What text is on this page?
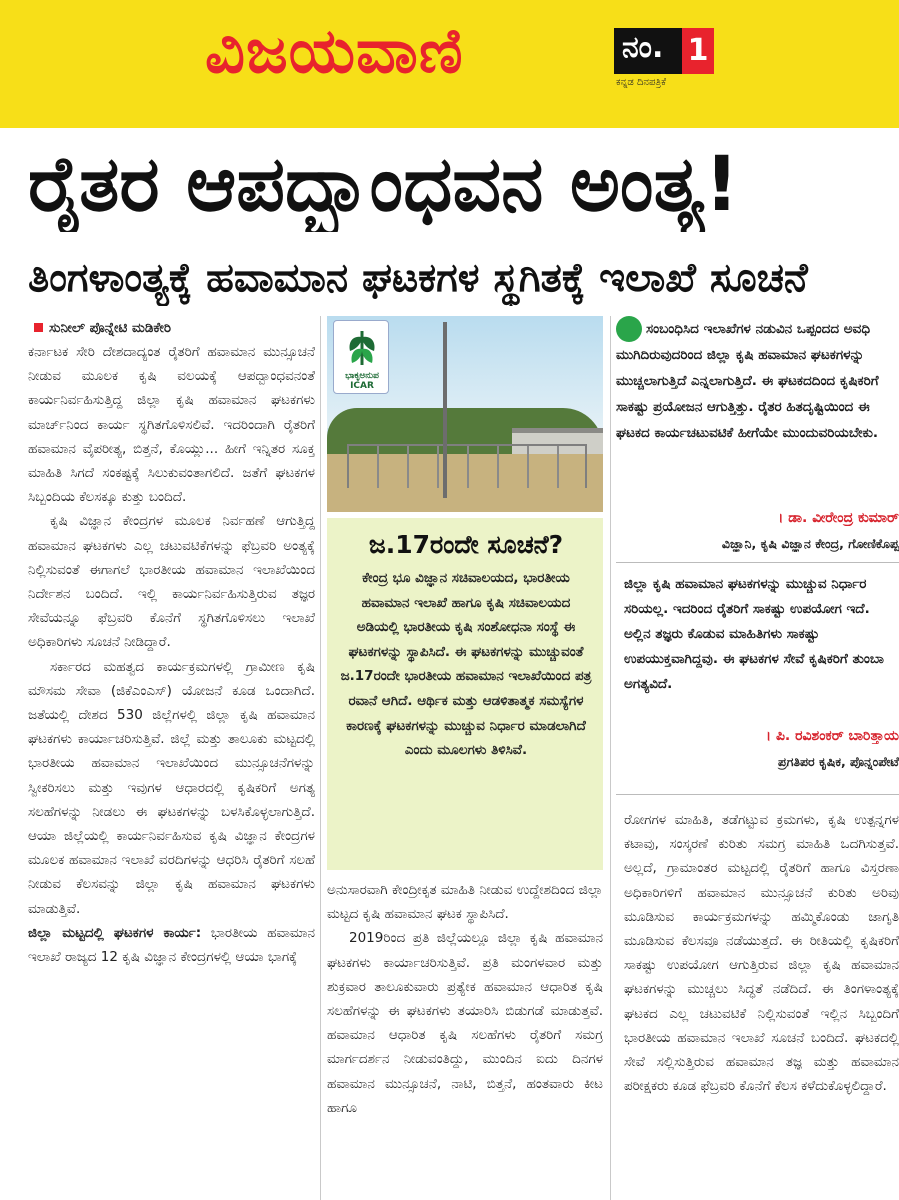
ವಿಜಯವಾಣಿ	ನಂ. 1
ಕನ್ನಡ ದಿನಪತ್ರಿಕೆ
ರೈತರ ಆಪದ್ಬಾಂಧವನ ಅಂತ್ಯ!
ತಿಂಗಳಾಂತ್ಯಕ್ಕೆ ಹವಾಮಾನ ಘಟಕಗಳ ಸ್ಥಗಿತಕ್ಕೆ ಇಲಾಖೆ ಸೂಚನೆ
ಸುನೀಲ್ ಪೊನ್ನೇಟಿ ಮಡಿಕೇರಿ

ಕರ್ನಾಟಕ ಸೇರಿ ದೇಶದಾದ್ಯಂತ ರೈತರಿಗೆ ಹವಾಮಾನ ಮುನ್ಸೂಚನೆ ನೀಡುವ ಮೂಲಕ ಕೃಷಿ ವಲಯಕ್ಕೆ ಆಪದ್ಬಾಂಧವನಂತೆ ಕಾರ್ಯನಿರ್ವಹಿಸುತ್ತಿದ್ದ ಜಿಲ್ಲಾ ಕೃಷಿ ಹವಾಮಾನ ಘಟಕಗಳು ಮಾರ್ಚ್‌ನಿಂದ ಕಾರ್ಯ ಸ್ಥಗಿತಗೊಳಿಸಲಿವೆ. ಇದರಿಂದಾಗಿ ರೈತರಿಗೆ ಹವಾಮಾನ ವೈಪರೀತ್ಯ, ಬಿತ್ತನೆ, ಕೊಯ್ಲು... ಹೀಗೆ ಇನ್ನಿತರ ಸೂಕ್ತ ಮಾಹಿತಿ ಸಿಗದೆ ಸಂಕಷ್ಟಕ್ಕೆ ಸಿಲುಕುವಂತಾಗಲಿದೆ. ಜತೆಗೆ ಘಟಕಗಳ ಸಿಬ್ಬಂದಿಯ ಕೆಲಸಕ್ಕೂ ಕುತ್ತು ಬಂದಿದೆ.

ಕೃಷಿ ವಿಜ್ಞಾನ ಕೇಂದ್ರಗಳ ಮೂಲಕ ನಿರ್ವಹಣೆ ಆಗುತ್ತಿದ್ದ ಹವಾಮಾನ ಘಟಕಗಳು ಎಲ್ಲ ಚಟುವಟಿಕೆಗಳನ್ನು ಫೆಬ್ರವರಿ ಅಂತ್ಯಕ್ಕೆ ನಿಲ್ಲಿಸುವಂತೆ ಈಗಾಗಲೆ ಭಾರತೀಯ ಹವಾಮಾನ ಇಲಾಖೆಯಿಂದ ನಿರ್ದೇಶನ ಬಂದಿದೆ. ಇಲ್ಲಿ ಕಾರ್ಯನಿರ್ವಹಿಸುತ್ತಿರುವ ತಜ್ಞರ ಸೇವೆಯನ್ನೂ ಫೆಬ್ರವರಿ ಕೊನೆಗೆ ಸ್ಥಗಿತಗೊಳಿಸಲು ಇಲಾಖೆ ಅಧಿಕಾರಿಗಳು ಸೂಚನೆ ನೀಡಿದ್ದಾರೆ.

ಸರ್ಕಾರದ ಮಹತ್ವದ ಕಾರ್ಯಕ್ರಮಗಳಲ್ಲಿ ಗ್ರಾಮೀಣ ಕೃಷಿ ಮೌಸಮ ಸೇವಾ (ಜಿಕೆಎಂಎಸ್) ಯೋಜನೆ ಕೂಡ ಒಂದಾಗಿದೆ. ಜತೆಯಲ್ಲಿ ದೇಶದ 530 ಜಿಲ್ಲೆಗಳಲ್ಲಿ ಜಿಲ್ಲಾ ಕೃಷಿ ಹವಾಮಾನ ಘಟಕಗಳು ಕಾರ್ಯಾಚರಿಸುತ್ತಿವೆ. ಜಿಲ್ಲೆ ಮತ್ತು ತಾಲೂಕು ಮಟ್ಟದಲ್ಲಿ ಭಾರತೀಯ ಹವಾಮಾನ ಇಲಾಖೆಯಿಂದ ಮುನ್ಸೂಚನೆಗಳನ್ನು ಸ್ವೀಕರಿಸಲು ಮತ್ತು ಇವುಗಳ ಆಧಾರದಲ್ಲಿ ಕೃಷಿಕರಿಗೆ ಅಗತ್ಯ ಸಲಹೆಗಳನ್ನು ನೀಡಲು ಈ ಘಟಕಗಳನ್ನು ಬಳಸಿಕೊಳ್ಳಲಾಗುತ್ತಿದೆ. ಆಯಾ ಜಿಲ್ಲೆಯಲ್ಲಿ ಕಾರ್ಯನಿರ್ವಹಿಸುವ ಕೃಷಿ ವಿಜ್ಞಾನ ಕೇಂದ್ರಗಳ ಮೂಲಕ ಹವಾಮಾನ ಇಲಾಖೆ ವರದಿಗಳನ್ನು ಆಧರಿಸಿ ರೈತರಿಗೆ ಸಲಹೆ ನೀಡುವ ಕೆಲಸವನ್ನು ಜಿಲ್ಲಾ ಕೃಷಿ ಹವಾಮಾನ ಘಟಕಗಳು ಮಾಡುತ್ತಿವೆ.

ಜಿಲ್ಲಾ ಮಟ್ಟದಲ್ಲಿ ಘಟಕಗಳ ಕಾರ್ಯ: ಭಾರತೀಯ ಹವಾಮಾನ ಇಲಾಖೆ ರಾಜ್ಯದ 12 ಕೃಷಿ ವಿಜ್ಞಾನ ಕೇಂದ್ರಗಳಲ್ಲಿ ಆಯಾ ಭಾಗಕ್ಕೆ

ಭಾಕೃಅನುಪ
ICAR
ಜ.17ರಂದೇ ಸೂಚನೆ?
ಕೇಂದ್ರ ಭೂ ವಿಜ್ಞಾನ ಸಚಿವಾಲಯದ, ಭಾರತೀಯ ಹವಾಮಾನ ಇಲಾಖೆ ಹಾಗೂ ಕೃಷಿ ಸಚಿವಾಲಯದ ಅಡಿಯಲ್ಲಿ ಭಾರತೀಯ ಕೃಷಿ ಸಂಶೋಧನಾ ಸಂಸ್ಥೆ ಈ ಘಟಕಗಳನ್ನು ಸ್ಥಾಪಿಸಿದೆ. ಈ ಘಟಕಗಳನ್ನು ಮುಚ್ಚುವಂತೆ ಜ.17ರಂದೇ ಭಾರತೀಯ ಹವಾಮಾನ ಇಲಾಖೆಯಿಂದ ಪತ್ರ ರವಾನೆ ಆಗಿದೆ. ಆರ್ಥಿಕ ಮತ್ತು ಆಡಳಿತಾತ್ಮಕ ಸಮಸ್ಯೆಗಳ ಕಾರಣಕ್ಕೆ ಘಟಕಗಳನ್ನು ಮುಚ್ಚುವ ನಿರ್ಧಾರ ಮಾಡಲಾಗಿದೆ ಎಂದು ಮೂಲಗಳು ತಿಳಿಸಿವೆ.

ಅನುಸಾರವಾಗಿ ಕೇಂದ್ರೀಕೃತ ಮಾಹಿತಿ ನೀಡುವ ಉದ್ದೇಶದಿಂದ ಜಿಲ್ಲಾ ಮಟ್ಟದ ಕೃಷಿ ಹವಾಮಾನ ಘಟಕ ಸ್ಥಾಪಿಸಿದೆ.

2019ರಿಂದ ಪ್ರತಿ ಜಿಲ್ಲೆಯಲ್ಲೂ ಜಿಲ್ಲಾ ಕೃಷಿ ಹವಾಮಾನ ಘಟಕಗಳು ಕಾರ್ಯಾಚರಿಸುತ್ತಿವೆ. ಪ್ರತಿ ಮಂಗಳವಾರ ಮತ್ತು ಶುಕ್ರವಾರ ತಾಲೂಕುವಾರು ಪ್ರತ್ಯೇಕ ಹವಾಮಾನ ಆಧಾರಿತ ಕೃಷಿ ಸಲಹೆಗಳನ್ನು ಈ ಘಟಕಗಳು ತಯಾರಿಸಿ ಬಿಡುಗಡೆ ಮಾಡುತ್ತವೆ. ಹವಾಮಾನ ಆಧಾರಿತ ಕೃಷಿ ಸಲಹೆಗಳು ರೈತರಿಗೆ ಸಮಗ್ರ ಮಾರ್ಗದರ್ಶನ ನೀಡುವಂತಿದ್ದು, ಮುಂದಿನ ಐದು ದಿನಗಳ ಹವಾಮಾನ ಮುನ್ಸೂಚನೆ, ನಾಟಿ, ಬಿತ್ತನೆ, ಹಂತವಾರು ಕೀಟ ಹಾಗೂ

ಸಂಬಂಧಿಸಿದ ಇಲಾಖೆಗಳ ನಡುವಿನ ಒಪ್ಪಂದದ ಅವಧಿ ಮುಗಿದಿರುವುದರಿಂದ ಜಿಲ್ಲಾ ಕೃಷಿ ಹವಾಮಾನ ಘಟಕಗಳನ್ನು ಮುಚ್ಚಲಾಗುತ್ತಿದೆ ಎನ್ನಲಾಗುತ್ತಿದೆ. ಈ ಘಟಕದದಿಂದ ಕೃಷಿಕರಿಗೆ ಸಾಕಷ್ಟು ಪ್ರಯೋಜನ ಆಗುತ್ತಿತ್ತು. ರೈತರ ಹಿತದೃಷ್ಟಿಯಿಂದ ಈ ಘಟಕದ ಕಾರ್ಯಚಟುವಟಿಕೆ ಹೀಗೆಯೇ ಮುಂದುವರಿಯಬೇಕು.
। ಡಾ. ವೀರೇಂದ್ರ ಕುಮಾರ್
ವಿಜ್ಞಾನಿ, ಕೃಷಿ ವಿಜ್ಞಾನ ಕೇಂದ್ರ, ಗೋಣಿಕೊಪ್ಪ
ಜಿಲ್ಲಾ ಕೃಷಿ ಹವಾಮಾನ ಘಟಕಗಳನ್ನು ಮುಚ್ಚುವ ನಿರ್ಧಾರ ಸರಿಯಲ್ಲ. ಇದರಿಂದ ರೈತರಿಗೆ ಸಾಕಷ್ಟು ಉಪಯೋಗ ಇದೆ. ಅಲ್ಲಿನ ತಜ್ಞರು ಕೊಡುವ ಮಾಹಿತಿಗಳು ಸಾಕಷ್ಟು ಉಪಯುಕ್ತವಾಗಿದ್ದವು. ಈ ಘಟಕಗಳ ಸೇವೆ ಕೃಷಿಕರಿಗೆ ತುಂಬಾ ಅಗತ್ಯವಿದೆ.
। ಪಿ. ರವಿಶಂಕರ್ ಬಾರಿತ್ತಾಯ
ಪ್ರಗತಿಪರ ಕೃಷಿಕ, ಪೊನ್ನಂಪೇಟೆ

ರೋಗಗಳ ಮಾಹಿತಿ, ತಡೆಗಟ್ಟುವ ಕ್ರಮಗಳು, ಕೃಷಿ ಉತ್ಪನ್ನಗಳ ಕಟಾವು, ಸಂಸ್ಕರಣೆ ಕುರಿತು ಸಮಗ್ರ ಮಾಹಿತಿ ಒದಗಿಸುತ್ತವೆ. ಅಲ್ಲದೆ, ಗ್ರಾಮಾಂತರ ಮಟ್ಟದಲ್ಲಿ ರೈತರಿಗೆ ಹಾಗೂ ವಿಸ್ತರಣಾ ಅಧಿಕಾರಿಗಳಿಗೆ ಹವಾಮಾನ ಮುನ್ಸೂಚನೆ ಕುರಿತು ಅರಿವು ಮೂಡಿಸುವ ಕಾರ್ಯಕ್ರಮಗಳನ್ನು ಹಮ್ಮಿಕೊಂಡು ಜಾಗೃತಿ ಮೂಡಿಸುವ ಕೆಲಸವೂ ನಡೆಯುತ್ತದೆ. ಈ ರೀತಿಯಲ್ಲಿ ಕೃಷಿಕರಿಗೆ ಸಾಕಷ್ಟು ಉಪಯೋಗ ಆಗುತ್ತಿರುವ ಜಿಲ್ಲಾ ಕೃಷಿ ಹವಾಮಾನ ಘಟಕಗಳನ್ನು ಮುಚ್ಚಲು ಸಿದ್ಧತೆ ನಡೆದಿದೆ. ಈ ತಿಂಗಳಾಂತ್ಯಕ್ಕೆ ಘಟಕದ ಎಲ್ಲ ಚಟುವಟಿಕೆ ನಿಲ್ಲಿಸುವಂತೆ ಇಲ್ಲಿನ ಸಿಬ್ಬಂದಿಗೆ ಭಾರತೀಯ ಹವಾಮಾನ ಇಲಾಖೆ ಸೂಚನೆ ಬಂದಿದೆ. ಘಟಕದಲ್ಲಿ ಸೇವೆ ಸಲ್ಲಿಸುತ್ತಿರುವ ಹವಾಮಾನ ತಜ್ಞ ಮತ್ತು ಹವಾಮಾನ ಪರೀಕ್ಷಕರು ಕೂಡ ಫೆಬ್ರವರಿ ಕೊನೆಗೆ ಕೆಲಸ ಕಳೆದುಕೊಳ್ಳಲಿದ್ದಾರೆ.
